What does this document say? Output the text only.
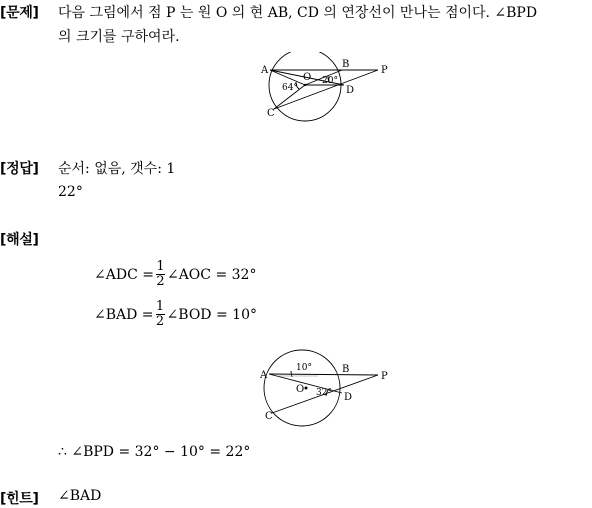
[문제] 다음 그림에서 점 P 는 원 O 의 현 AB, CD 의 연장선이 만나는 점이다. ∠BPD
의 크기를 구하여라.
A
B
C
D
O
P
64°
20°
[정답] 순서: 없음, 갯수: 1
22°
[해설]
∠ADC = $\frac{1}{2}$ ∠AOC = 32°
∠BAD = $\frac{1}{2}$ ∠BOD = 10°
A
B
C
D
O
P
10°
32°
∴ ∠BPD = 32° − 10° = 22°
[힌트] ∠BAD
